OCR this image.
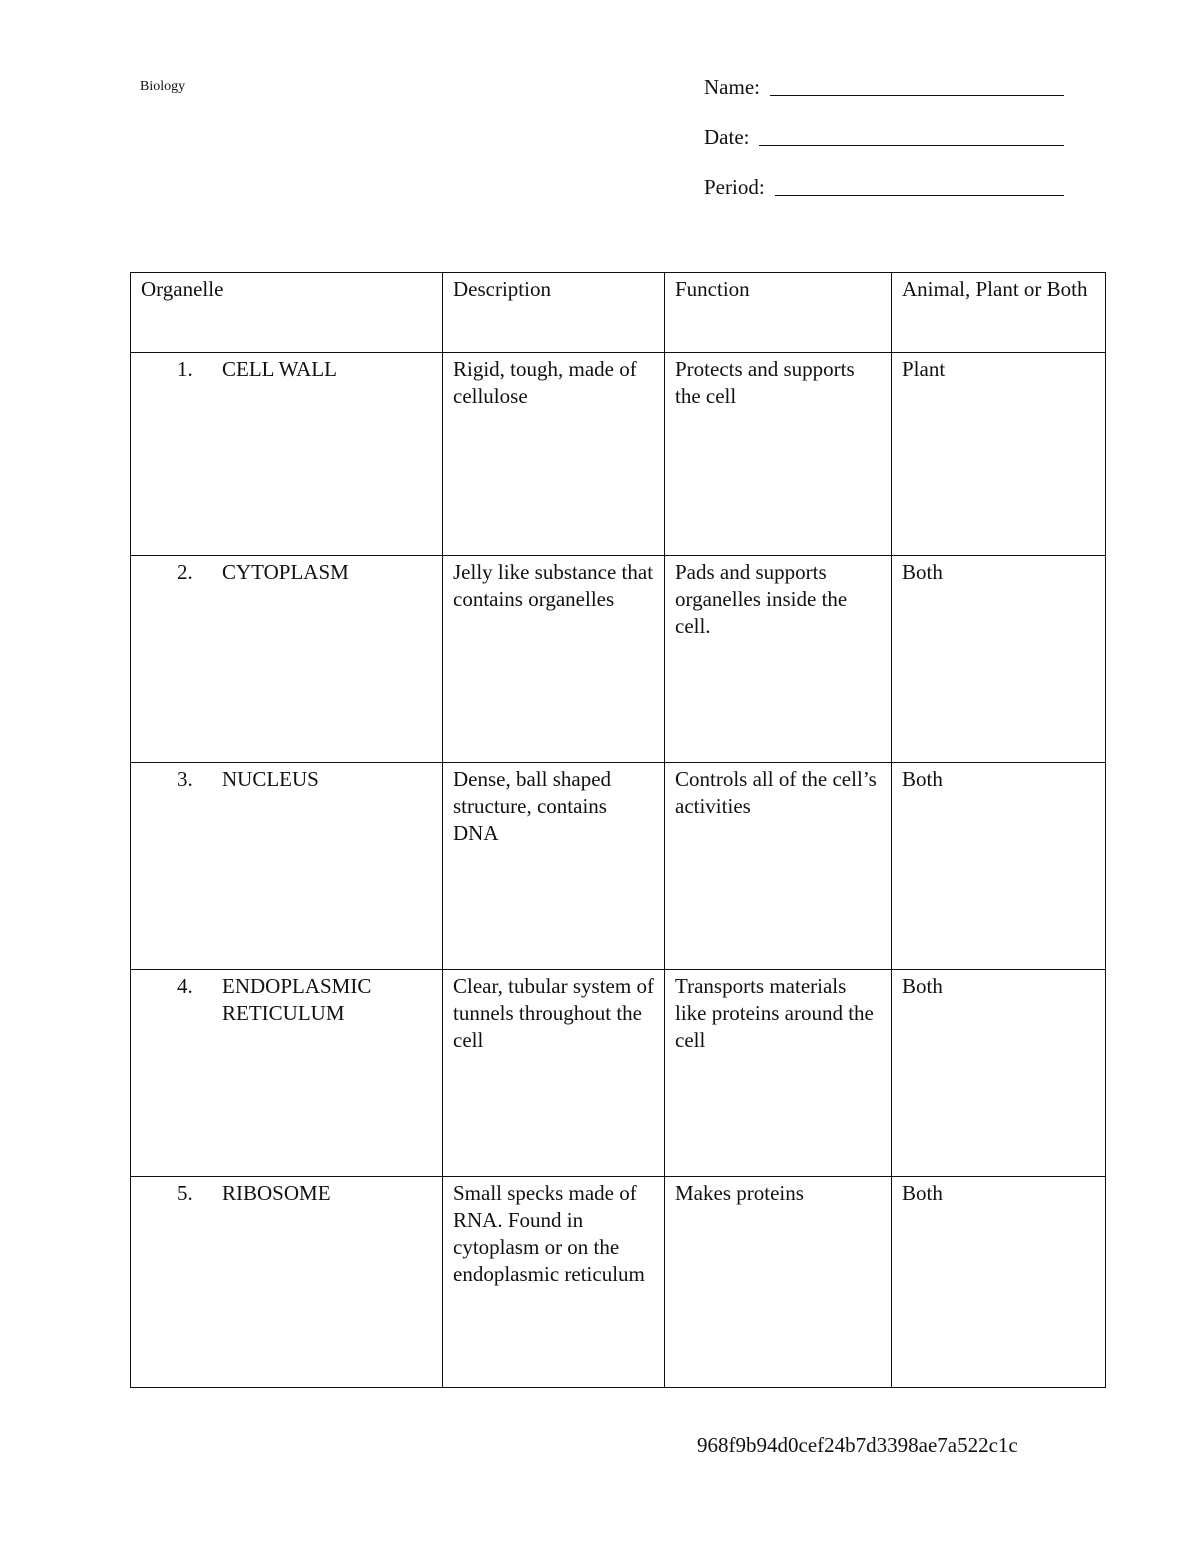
Biology	Name:
Date:
Period:
Organelle	Description	Function	Animal, Plant or Both

1. CELL WALL	Rigid, tough, made of cellulose	Protects and supports the cell	Plant

2. CYTOPLASM	Jelly like substance that contains organelles	Pads and supports organelles inside the cell.	Both

3. NUCLEUS	Dense, ball shaped structure, contains DNA	Controls all of the cell’s activities	Both

4. ENDOPLASMIC RETICULUM	Clear, tubular system of tunnels throughout the cell	Transports materials like proteins around the cell	Both

5. RIBOSOME	Small specks made of RNA. Found in cytoplasm or on the endoplasmic reticulum	Makes proteins	Both
968f9b94d0cef24b7d3398ae7a522c1c
